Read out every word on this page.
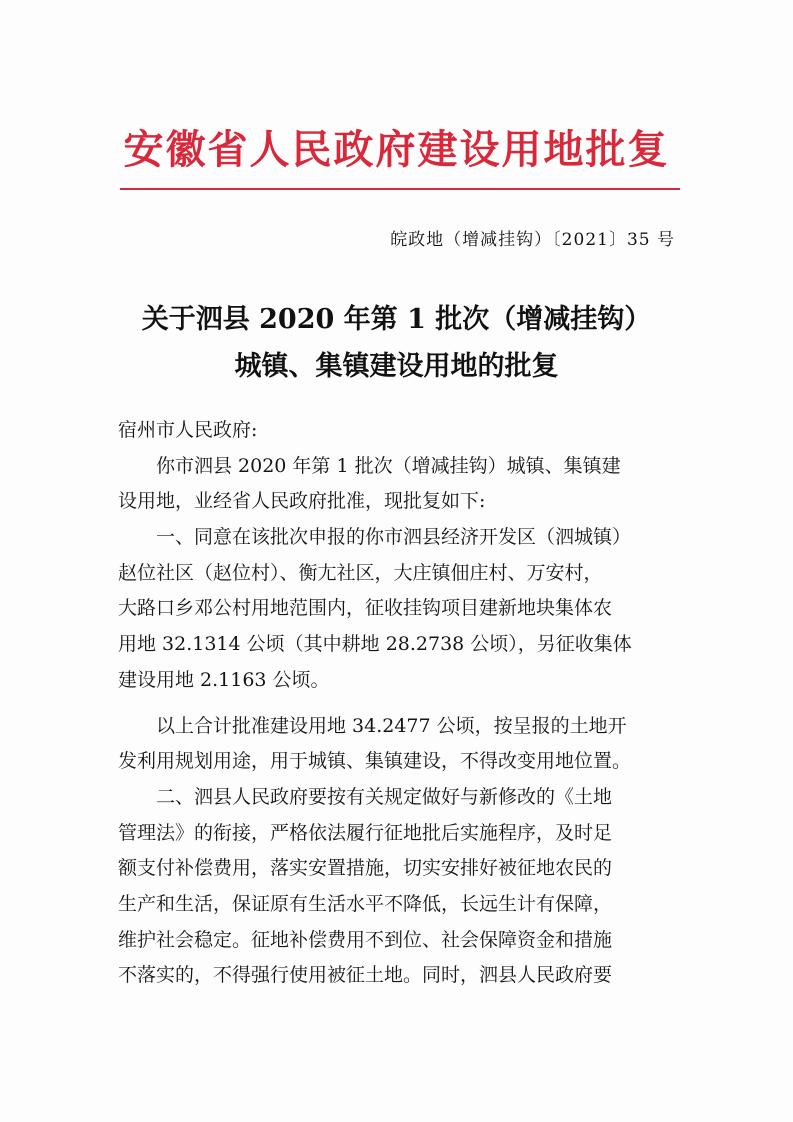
安徽省人民政府建设用地批复
皖政地（增减挂钩）〔2021〕35 号
关于泗县 2020 年第 1 批次（增减挂钩）
城镇、集镇建设用地的批复
宿州市人民政府:
你市泗县 2020 年第 1 批次（增减挂钩）城镇、集镇建
设用地，业经省人民政府批准，现批复如下:
一、同意在该批次申报的你市泗县经济开发区（泗城镇）
赵位社区（赵位村）、衡尢社区，大庄镇佃庄村、万安村，
大路口乡邓公村用地范围内，征收挂钩项目建新地块集体农
用地 32.1314 公顷（其中耕地 28.2738 公顷），另征收集体
建设用地 2.1163 公顷。
以上合计批准建设用地 34.2477 公顷，按呈报的土地开
发利用规划用途，用于城镇、集镇建设，不得改变用地位置。
二、泗县人民政府要按有关规定做好与新修改的《土地
管理法》的衔接，严格依法履行征地批后实施程序，及时足
额支付补偿费用，落实安置措施，切实安排好被征地农民的
生产和生活，保证原有生活水平不降低，长远生计有保障，
维护社会稳定。征地补偿费用不到位、社会保障资金和措施
不落实的，不得强行使用被征土地。同时，泗县人民政府要
